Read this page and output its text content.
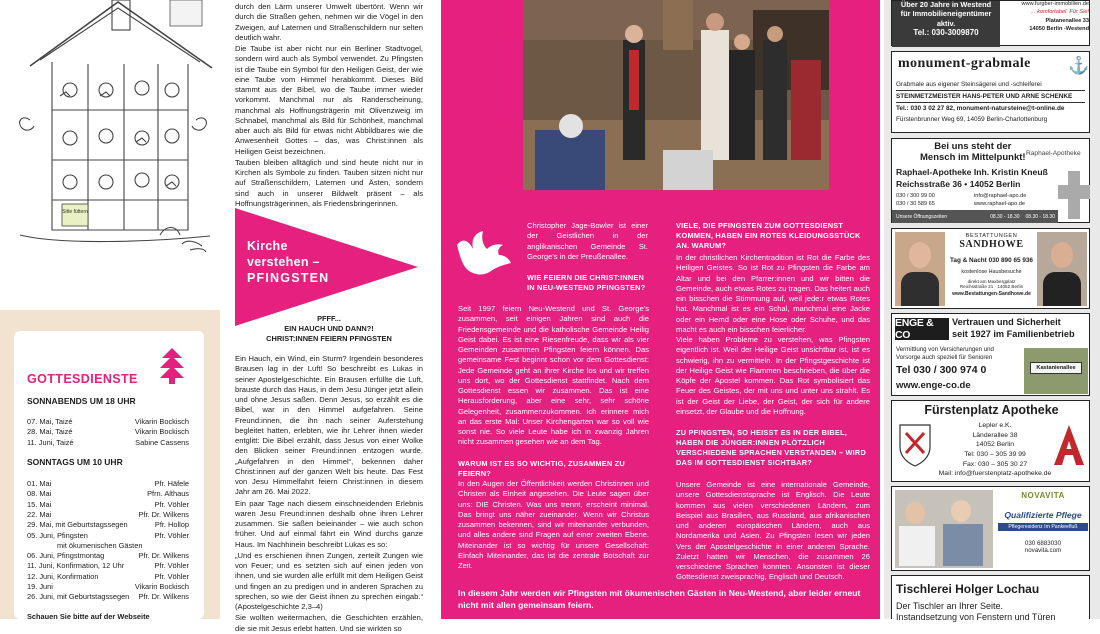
Sitte füttern
GOTTESDIENSTE
SONNABENDS UM 18 UHR
07. Mai, Taizé	Vikarin Bockisch
28. Mai, Taizé	Vikarin Bockisch
11. Juni, Taizé	Sabine Cassens
SONNTAGS UM 10 UHR
01. Mai	Pfr. Häfele
08. Mai	Pfrn. Althaus
15. Mai	Pfr. Vöhler
22. Mai	Pfr. Dr. Wilkens
29. Mai, mit Geburtstagssegen	Pfr. Hollop
05. Juni, Pfingsten	Pfr. Vöhler
mit ökumenischen Gästen
06. Juni, Pfingstmontag	Pfr. Dr. Wilkens
11. Juni, Konfirmation, 12 Uhr	Pfr. Vöhler
12. Juni, Konfirmation	Pfr. Vöhler
19. Juni	Vikarin Bockisch
26. Juni, mit Geburtstagssegen Pfr. Dr. Wilkens
Schauen Sie bitte auf der Webseite

durch den Lärm unserer Umwelt übertönt. Wenn wir durch die Straßen gehen, nehmen wir die Vögel in den Zweigen, auf Laternen und Straßenschildern nur selten deutlich wahr.

Die Taube ist aber nicht nur ein Berliner Stadtvogel, sondern wird auch als Symbol verwendet. Zu Pfingsten ist die Taube ein Symbol für den Heiligen Geist, der wie eine Taube vom Himmel herabkommt. Dieses Bild stammt aus der Bibel, wo die Taube immer wieder vorkommt. Manchmal nur als Randerscheinung, manchmal als Hoffnungsträgerin mit Olivenzweig im Schnabel, manchmal als Bild für Schönheit, manchmal aber auch als Bild für etwas nicht Abbildbares wie die Anwesenheit Gottes – das, was Christ:innen als Heiligen Geist bezeichnen.

Tauben bleiben alltäglich und sind heute nicht nur in Kirchen als Symbole zu finden. Tauben sitzen nicht nur auf Straßenschildern, Laternen und Ästen, sondern sind auch in unserer Bildwelt präsent – als Hoffnungsträgerinnen, als Friedensbringerinnen.

Kirche
verstehen –
PFINGSTEN
PFFF...
EIN HAUCH UND DANN?!
CHRIST:INNEN FEIERN PFINGSTEN

Ein Hauch, ein Wind, ein Sturm? Irgendein besonderes Brausen lag in der Luft! So beschreibt es Lukas in seiner Apostelgeschichte. Ein Brausen erfüllte die Luft, brauste durch das Haus, in dem Jesu Jünger jetzt allein und ohne Jesus saßen. Denn Jesus, so erzählt es die Bibel, war in den Himmel aufgefahren. Seine Freund:innen, die ihn nach seiner Auferstehung begleitet hatten, erlebten, wie ihr Lehrer ihnen wieder entglitt: Die Bibel erzählt, dass Jesus von einer Wolke den Blicken seiner Freund:innen entzogen wurde. „Aufgefahren in den Himmel“, bekennen daher Christ:innen auf der ganzen Welt bis heute. Das Fest von Jesu Himmelfahrt feiern Christ:innen in diesem Jahr am 26. Mai 2022.

Ein paar Tage nach diesem einschneidenden Erlebnis waren Jesu Freund:innen deshalb ohne ihren Lehrer zusammen. Sie saßen beieinander – wie auch schon früher. Und auf einmal fährt ein Wind durchs ganze Haus. Im Nachhinein beschreibt Lukas es so:

„Und es erschienen ihnen Zungen, zerteilt Zungen wie von Feuer; und es setzten sich auf einen jeden von ihnen, und sie wurden alle erfüllt mit dem Heiligen Geist und fingen an zu predigen und in anderen Sprachen zu sprechen, so wie der Geist ihnen zu sprechen eingab.“ (Apostelgeschichte 2,3–4)

Sie wollten weitermachen, die Geschichten erzählen, die sie mit Jesus erlebt hatten. Und sie wirkten so

Christopher Jage-Bowler ist einer der Geistlichen in der anglikanischen Gemeinde St. George's in der Preußenallee.
WIE FEIERN DIE CHRIST:INNEN IN NEU-WESTEND PFINGSTEN?
Seit 1997 feiern Neu-Westend und St. George's zusammen, seit einigen Jahren sind auch die Friedensgemeinde und die katholische Gemeinde Heilig Geist dabei. Es ist eine Riesenfreude, dass wir als vier Gemeinden zusammen Pfingsten feiern können. Das gemeinsame Fest beginnt schon vor dem Gottesdienst: Jede Gemeinde geht an ihrer Kirche los und wir treffen uns dort, wo der Gottesdienst stattfindet. Nach dem Gottesdienst essen wir zusammen. Das ist eine Herausforderung, aber eine sehr, sehr schöne Gelegenheit, zusammenzukommen. Ich erinnere mich an das erste Mal: Unser Kirchengarten war so voll wie sonst nie. So viele Leute habe ich in zwanzig Jahren nicht zusammen gesehen wie an dem Tag.
WARUM IST ES SO WICHTIG, ZUSAMMEN ZU FEIERN?
In den Augen der Öffentlichkeit werden Christinnen und Christen als Einheit angesehen. Die Leute sagen über uns: DIE Christen. Was uns trennt, erscheint minimal. Das bringt uns näher zueinander. Wenn wir Christus zusammen bekennen, sind wir miteinander verbunden, und alles andere sind Fragen auf einer zweiten Ebene. Miteinander ist so wichtig für unsere Gesellschaft: Einfach Miteinander, das ist die zentrale Botschaft zur Zeit.
In diesem Jahr werden wir Pfingsten mit ökumenischen Gästen in Neu-Westend, aber leider erneut nicht mit allen gemeinsam feiern.
VIELE, DIE PFINGSTEN ZUM GOTTESDIENST KOMMEN, HABEN EIN ROTES KLEIDUNGSSTÜCK AN. WARUM?
In der christlichen Kirchentradition ist Rot die Farbe des Heiligen Geistes. So ist Rot zu Pfingsten die Farbe am Altar und bei den Pfarrer:innen und wir bitten die Gemeinde, auch etwas Rotes zu tragen. Das heitert auch ein bisschen die Stimmung auf, weil jede:r etwas Rotes hat. Manchmal ist es ein Schal, manchmal eine Jacke oder ein Hemd oder eine Hose oder Schuhe, und das macht es auch ein bisschen feierlicher.
Viele haben Probleme zu verstehen, was Pfingsten eigentlich ist. Weil der Heilige Geist unsichtbar ist, ist es schwierig, ihn zu vermitteln. In der Pfingstgeschichte ist der Heilige Geist wie Flammen beschrieben, die über die Köpfe der Apostel kommen. Das Rot symbolisiert das Feuer des Geistes, der mit uns und unter uns strahlt. Es ist der Geist der Liebe, der Geist, der sich für andere einsetzt, der Glaube und die Hoffnung.
ZU PFINGSTEN, SO HEISST ES IN DER BIBEL, HABEN DIE JÜNGER:INNEN PLÖTZLICH VERSCHIEDENE SPRACHEN VERSTANDEN – WIRD DAS IM GOTTESDIENST SICHTBAR?
Unsere Gemeinde ist eine internationale Gemeinde, unsere Gottesdienstsprache ist Englisch. Die Leute kommen aus vielen verschiedenen Ländern, zum Beispiel aus Brasilien, aus Russland, aus afrikanischen und anderen europäischen Ländern, auch aus Nordamerika und Asien. Zu Pfingsten lesen wir jeden Vers der Apostelgeschichte in einer anderen Sprache. Zuletzt hatten wir Menschen, die zusammen 26 verschiedene Sprachen konnten. Ansonsten ist dieser Gottesdienst zweisprachig, Englisch und Deutsch.
Über 20 Jahre in Westend
für Immobilieneigentümer
aktiv.
Tel.: 030-3009870
www.furgber-immobilien.de
... komfortabel. Für Sie!
Platanenallee 33
14050 Berlin -Westend
monument-grabmale ⚓
Grabmale aus eigener Steinsägerei und -schleiferei
STEINMETZMEISTER HANS-PETER UND ARNE SCHENKE
Tel.: 030 3 02 27 82, monument-natursteine@t-online.de
Fürstenbrunner Weg 69, 14059 Berlin-Charlottenburg
Bei uns steht der
Mensch im Mittelpunkt! Raphael-Apotheke
Raphael-Apotheke Inh. Kristin Kneuß
Reichsstraße 36 • 14052 Berlin
030 / 300 99 00	info@raphael-apo.de
030 / 30 589 65	www.raphael-apo.de
Unsere Öffnungszeiten	08.30 - 18.30 08.30 - 18.30
BESTATTUNGEN
SANDHOWE
Tag & Nacht 030 890 65 936
kostenlose Hausbesuche
direkt am Maxbergplatz
Reichsstraße 21 · 14052 Berlin
www.Bestattungen-Sandhowe.de
ENGE & CO
Vertrauen und Sicherheit
seit 1927 im Familienbetrieb
Vermittlung von Versicherungen und
Vorsorge auch speziell für Senioren
Tel 030 / 300 974 0
www.enge-co.de
Kastanienallee
Fürstenplatz Apotheke
Lepler e.K.
Länderallee 38
14052 Berlin
Tel: 030 – 305 39 99
Fax: 030 – 305 30 27
Mail: info@fuerstenplatz-apotheke.de
NOVAVITA
Qualifizierte Pflege
Pflegeresidenz Im Pankeefluß
030 6883030
novavita.com
Tischlerei Holger Lochau
Der Tischler an Ihrer Seite.
Instandsetzung von Fenstern und Türen
